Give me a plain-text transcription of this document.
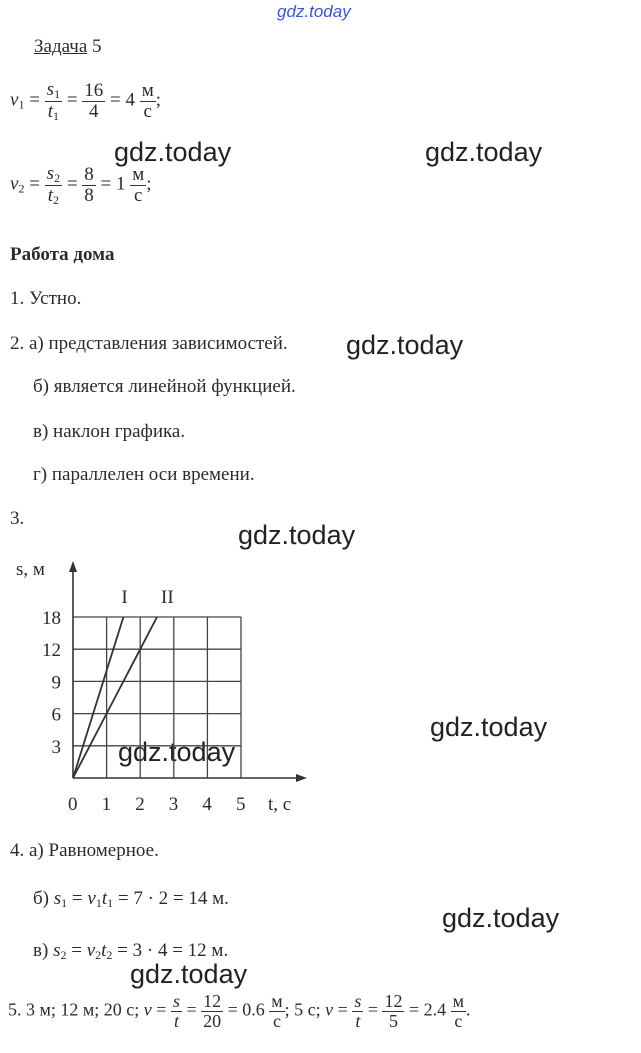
gdz.today
gdz.today	gdz.today
gdz.today
gdz.today
gdz.today
gdz.today
gdz.today
gdz.today
Задача 5
$v_1 = \frac{s_1}{t_1} = \frac{16}{4} = 4 \frac{м}{с}$ ;
$v_2 = \frac{s_2}{t_2} = \frac{8}{8} = 1 \frac{м}{с}$ ;
Работа дома
1. Устно.
2. а) представления зависимостей.
б) является линейной функцией.
в) наклон графика.
г) параллелен оси времени.
3.
I II
0 1 2 3 4 5
3
6
9
12
18
t, с
s, м
4. а) Равномерное.
б) $s_1 = v_1t_1 = 7 \cdot 2 = 14$ м.
в) $s_2 = v_2t_2 = 3 \cdot 4 = 12$ м.
5. 3 м; 12 м; 20 с; $v = \frac{s}{t} = \frac{12}{20} = 0.6 \frac{м}{с}$ ; 5 с; $v = \frac{s}{t} = \frac{12}{5} = 2.4 \frac{м}{с}$ .
